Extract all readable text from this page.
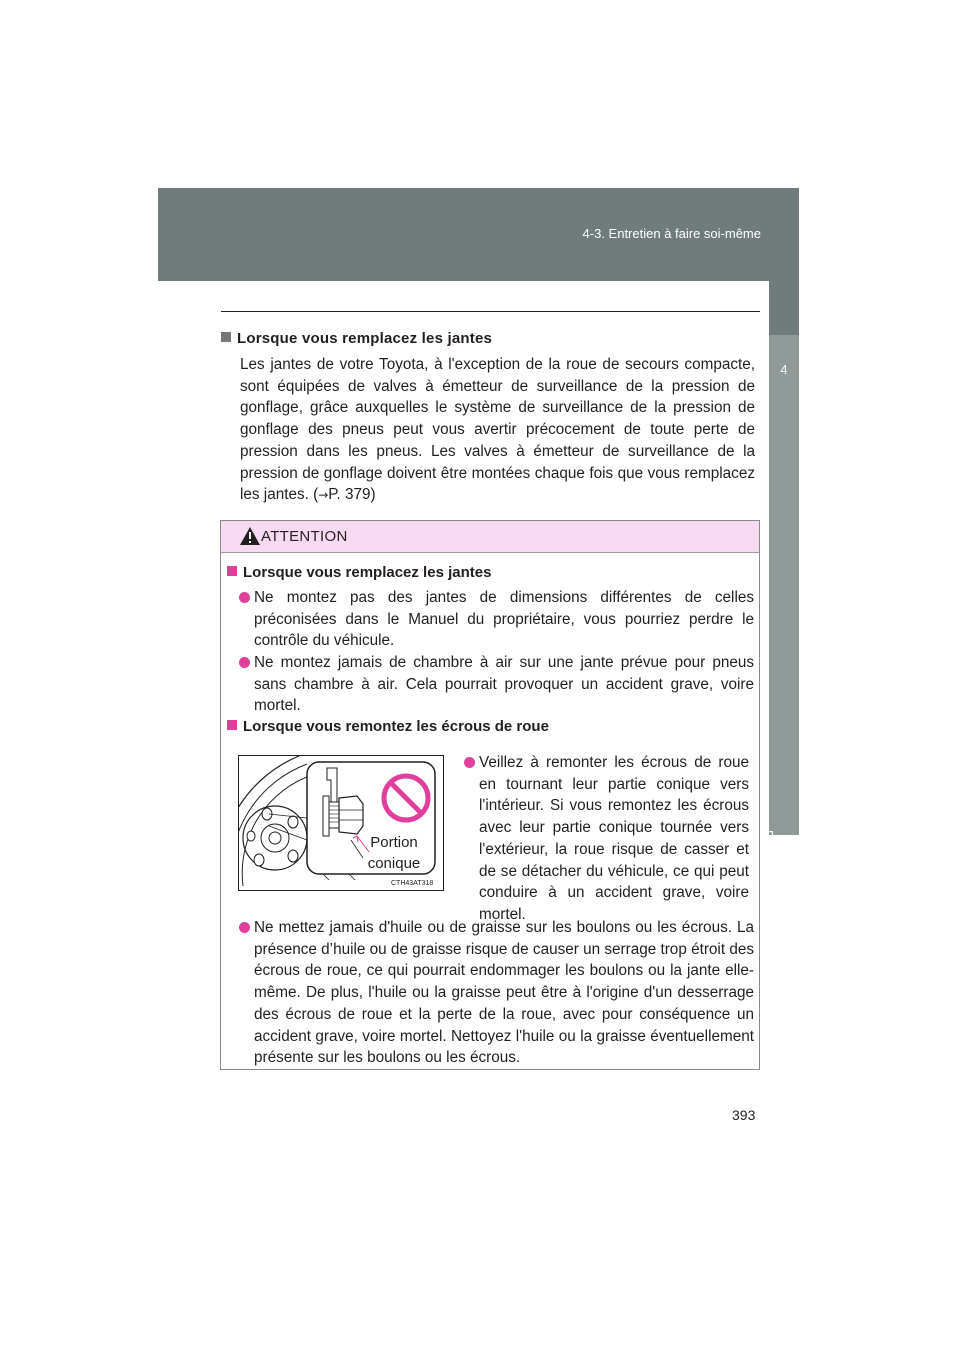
4-3. Entretien à faire soi-même
4
Entretien et soin
393
Lorsque vous remplacez les jantes
Les jantes de votre Toyota, à l'exception de la roue de secours compacte, sont équipées de valves à émetteur de surveillance de la pression de gonflage, grâce auxquelles le système de surveillance de la pression de gonflage des pneus peut vous avertir précocement de toute perte de pression dans les pneus. Les valves à émetteur de surveillance de la pression de gonflage doivent être montées chaque fois que vous remplacez les jantes. (→P. 379)
ATTENTION
Lorsque vous remplacez les jantes
Ne montez pas des jantes de dimensions différentes de celles préconisées dans le Manuel du propriétaire, vous pourriez perdre le contrôle du véhicule.
Ne montez jamais de chambre à air sur une jante prévue pour pneus sans chambre à air. Cela pourrait provoquer un accident grave, voire mortel.
Lorsque vous remontez les écrous de roue
Ne mettez jamais d'huile ou de graisse sur les boulons ou les écrous. La présence d’huile ou de graisse risque de causer un serrage trop étroit des écrous de roue, ce qui pourrait endommager les boulons ou la jante elle-même. De plus, l'huile ou la graisse peut être à l'origine d'un desserrage des écrous de roue et la perte de la roue, avec pour conséquence un accident grave, voire mortel. Nettoyez l'huile ou la graisse éventuellement présente sur les boulons ou les écrous.
Portion
conique
CTH43AT318
Veillez à remonter les écrous de roue en tournant leur partie conique vers l'intérieur. Si vous remontez les écrous avec leur partie conique tournée vers l'extérieur, la roue risque de casser et de se détacher du véhicule, ce qui peut conduire à un accident grave, voire mortel.
